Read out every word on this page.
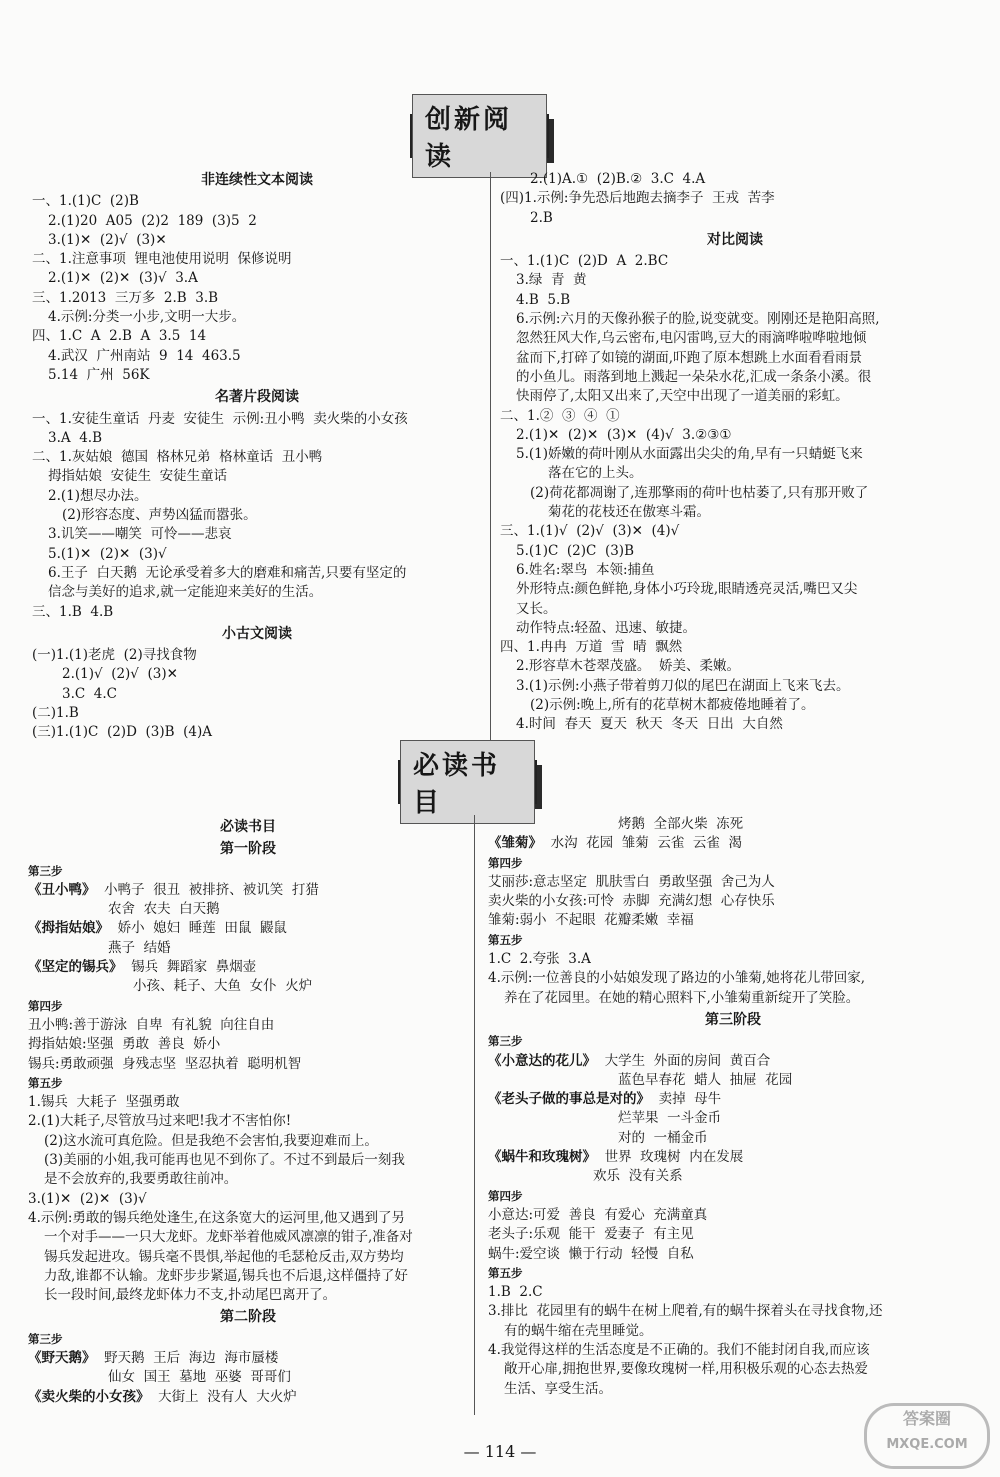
创新阅读
非连续性文本阅读
一、1.(1)C  (2)B
2.(1)20  A05  (2)2  189  (3)5  2
3.(1)✕  (2)√  (3)✕
二、1.注意事项  锂电池使用说明  保修说明
2.(1)✕  (2)✕  (3)√  3.A
三、1.2013  三万多  2.B  3.B
4.示例:分类一小步,文明一大步。
四、1.C  A  2.B  A  3.5  14
4.武汉  广州南站  9  14  463.5
5.14  广州  56K
名著片段阅读
一、1.安徒生童话  丹麦  安徒生  示例:丑小鸭  卖火柴的小女孩
3.A  4.B
二、1.灰姑娘  德国  格林兄弟  格林童话  丑小鸭
拇指姑娘  安徒生  安徒生童话
2.(1)想尽办法。
(2)形容态度、声势凶猛而嚣张。
3.讥笑——嘲笑  可怜——悲哀
5.(1)✕  (2)✕  (3)√
6.王子  白天鹅  无论承受着多大的磨难和痛苦,只要有坚定的
信念与美好的追求,就一定能迎来美好的生活。
三、1.B  4.B
小古文阅读
(一)1.(1)老虎  (2)寻找食物
2.(1)√  (2)√  (3)✕
3.C  4.C
(二)1.B
(三)1.(1)C  (2)D  (3)B  (4)A
2.(1)A.①  (2)B.②  3.C  4.A
(四)1.示例:争先恐后地跑去摘李子  王戎  苦李
2.B
对比阅读
一、1.(1)C  (2)D  A  2.BC
3.绿  青  黄
4.B  5.B
6.示例:六月的天像孙猴子的脸,说变就变。刚刚还是艳阳高照,
忽然狂风大作,乌云密布,电闪雷鸣,豆大的雨滴哗啦哗啦地倾
盆而下,打碎了如镜的湖面,吓跑了原本想跳上水面看看雨景
的小鱼儿。雨落到地上溅起一朵朵水花,汇成一条条小溪。很
快雨停了,太阳又出来了,天空中出现了一道美丽的彩虹。
二、1.②  ③  ④  ①
2.(1)✕  (2)✕  (3)✕  (4)√  3.②③①
5.(1)娇嫩的荷叶刚从水面露出尖尖的角,早有一只蜻蜓飞来
落在它的上头。
(2)荷花都凋谢了,连那擎雨的荷叶也枯萎了,只有那开败了
菊花的花枝还在傲寒斗霜。
三、1.(1)√  (2)√  (3)✕  (4)√
5.(1)C  (2)C  (3)B
6.姓名:翠鸟  本领:捕鱼
外形特点:颜色鲜艳,身体小巧玲珑,眼睛透亮灵活,嘴巴又尖
又长。
动作特点:轻盈、迅速、敏捷。
四、1.冉冉  万道  雪  晴  飘然
2.形容草木苍翠茂盛。  娇美、柔嫩。
3.(1)示例:小燕子带着剪刀似的尾巴在湖面上飞来飞去。
(2)示例:晚上,所有的花草树木都疲倦地睡着了。
4.时间  春天  夏天  秋天  冬天  日出  大自然
必读书目
必读书目
第一阶段
第三步
《丑小鸭》  小鸭子  很丑  被排挤、被讥笑  打猎
农舍  农夫  白天鹅
《拇指姑娘》  娇小  媳妇  睡莲  田鼠  鼹鼠
燕子  结婚
《坚定的锡兵》  锡兵  舞蹈家  鼻烟壶
小孩、耗子、大鱼  女仆  火炉
第四步
丑小鸭:善于游泳  自卑  有礼貌  向往自由
拇指姑娘:坚强  勇敢  善良  娇小
锡兵:勇敢顽强  身残志坚  坚忍执着  聪明机智
第五步
1.锡兵  大耗子  坚强勇敢
2.(1)大耗子,尽管放马过来吧!我才不害怕你!
(2)这水流可真危险。但是我绝不会害怕,我要迎难而上。
(3)美丽的小姐,我可能再也见不到你了。不过不到最后一刻我
是不会放弃的,我要勇敢往前冲。
3.(1)✕  (2)✕  (3)√
4.示例:勇敢的锡兵绝处逢生,在这条宽大的运河里,他又遇到了另
一个对手——一只大龙虾。龙虾举着他威风凛凛的钳子,准备对
锡兵发起进攻。锡兵毫不畏惧,举起他的毛瑟枪反击,双方势均
力敌,谁都不认输。龙虾步步紧逼,锡兵也不后退,这样僵持了好
长一段时间,最终龙虾体力不支,扑动尾巴离开了。
第二阶段
第三步
《野天鹅》  野天鹅  王后  海边  海市蜃楼
仙女  国王  墓地  巫婆  哥哥们
《卖火柴的小女孩》  大街上  没有人  大火炉
烤鹅  全部火柴  冻死
《雏菊》  水沟  花园  雏菊  云雀  云雀  渴
第四步
艾丽莎:意志坚定  肌肤雪白  勇敢坚强  舍己为人
卖火柴的小女孩:可怜  赤脚  充满幻想  心存快乐
雏菊:弱小  不起眼  花瓣柔嫩  幸福
第五步
1.C  2.夸张  3.A
4.示例:一位善良的小姑娘发现了路边的小雏菊,她将花儿带回家,
养在了花园里。在她的精心照料下,小雏菊重新绽开了笑脸。
第三阶段
第三步
《小意达的花儿》  大学生  外面的房间  黄百合
蓝色早春花  蜡人  抽屉  花园
《老头子做的事总是对的》  卖掉  母牛
烂苹果  一斗金币
对的  一桶金币
《蜗牛和玫瑰树》  世界  玫瑰树  内在发展
欢乐  没有关系
第四步
小意达:可爱  善良  有爱心  充满童真
老头子:乐观  能干  爱妻子  有主见
蜗牛:爱空谈  懒于行动  轻慢  自私
第五步
1.B  2.C
3.排比  花园里有的蜗牛在树上爬着,有的蜗牛探着头在寻找食物,还
有的蜗牛缩在壳里睡觉。
4.我觉得这样的生活态度是不正确的。我们不能封闭自我,而应该
敞开心扉,拥抱世界,要像玫瑰树一样,用积极乐观的心态去热爱
生活、享受生活。
— 114 —
答案圈
MXQE.COM
